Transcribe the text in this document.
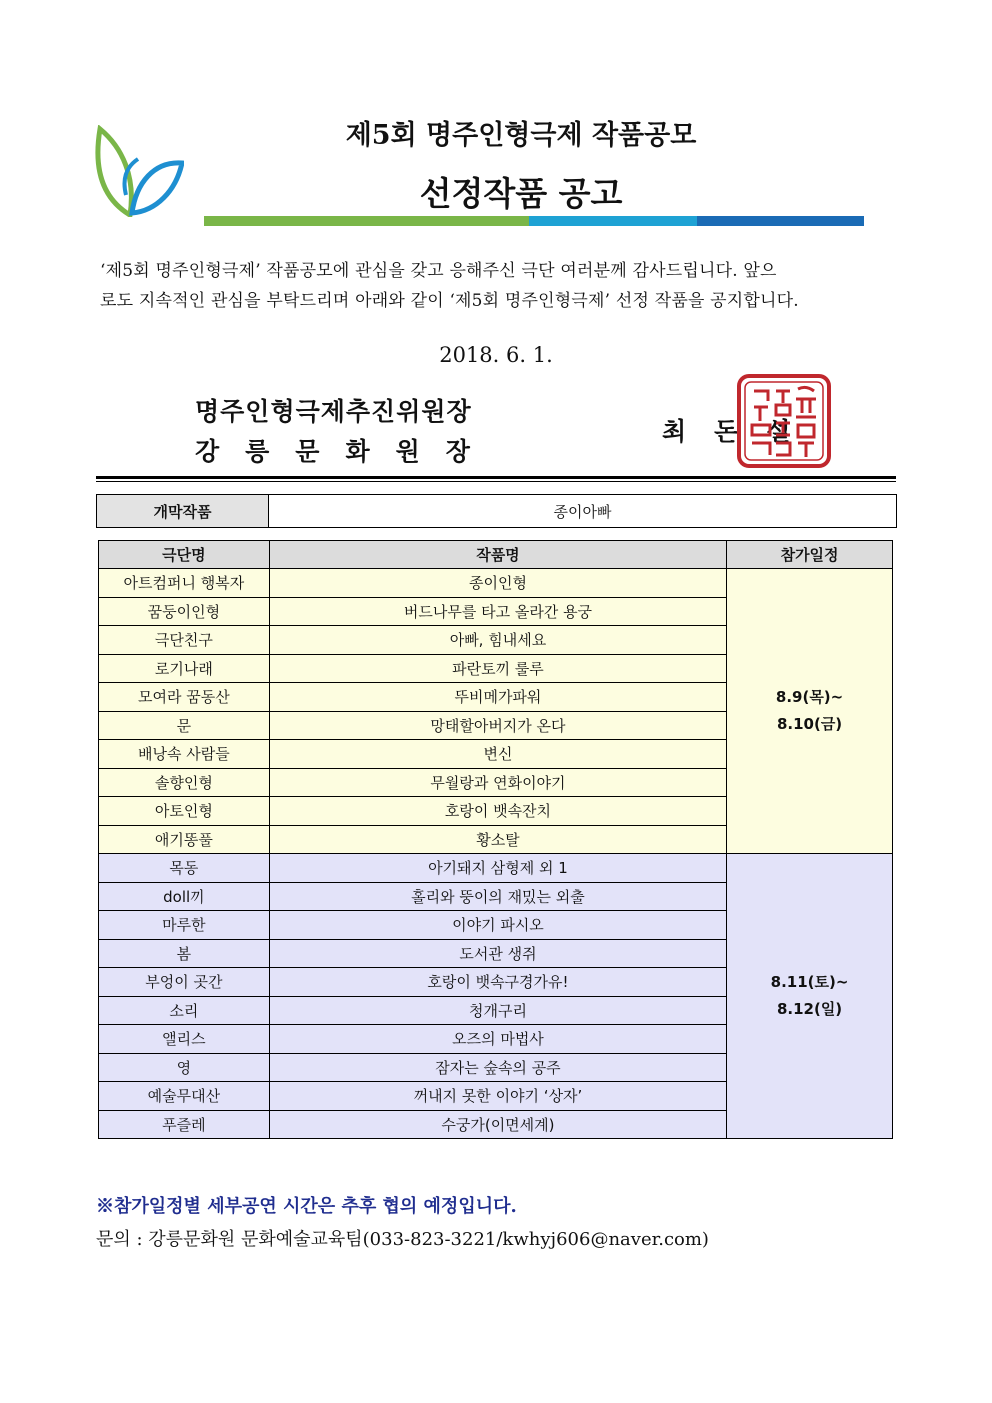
제5회 명주인형극제 작품공모
선정작품 공고

‘제5회 명주인형극제’ 작품공모에 관심을 갖고 응해주신 극단 여러분께 감사드립니다. 앞으

로도 지속적인 관심을 부탁드리며 아래와 같이 ‘제5회 명주인형극제’ 선정 작품을 공지합니다.

2018. 6. 1.
명주인형극제추진위원장
강릉문화원장
최돈설
개막작품	종이아빠
극단명	작품명	참가일정
아트컴퍼니 행복자	종이인형	8.9(목)~
8.10(금)

꿈둥이인형	버드나무를 타고 올라간 용궁	
극단친구	아빠, 힘내세요	
로기나래	파란토끼 룰루	
모여라 꿈동산	뚜비메가파워	
문	망태할아버지가 온다	
배낭속 사람들	변신	
솔향인형	무월랑과 연화이야기	
아토인형	호랑이 뱃속잔치	
애기똥풀	황소탈	
목동	아기돼지 삼형제 외 1	8.11(토)~
8.12(일)

doll끼	홀리와 뚱이의 재밌는 외출	
마루한	이야기 파시오	
봄	도서관 생쥐	
부엉이 곳간	호랑이 뱃속구경가유!	
소리	청개구리	
앨리스	오즈의 마법사	
영	잠자는 숲속의 공주	
예술무대산	꺼내지 못한 이야기 ‘상자’	
푸즐레	수궁가(이면세계)	
※참가일정별 세부공연 시간은 추후 협의 예정입니다.
문의 : 강릉문화원 문화예술교육팀(033-823-3221/kwhyj606@naver.com)
